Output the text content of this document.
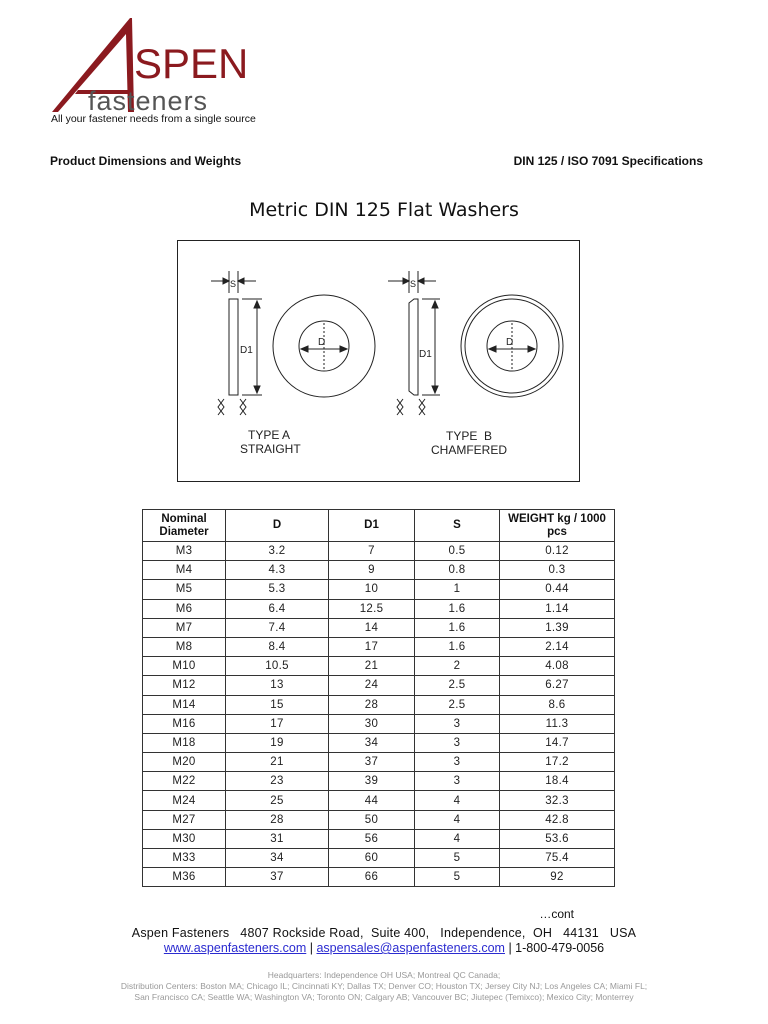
SPEN
fasteners
All your fastener needs from a single source
Product Dimensions and Weights	DIN 125 / ISO 7091 Specifications
Metric DIN 125 Flat Washers
S
D1
D
S
D1
D
TYPE A
STRAIGHT
TYPE  B
CHAMFERED
Nominal Diameter	D	D1	S	WEIGHT kg / 1000 pcs
M3	3.2	7	0.5	0.12
M4	4.3	9	0.8	0.3
M5	5.3	10	1	0.44
M6	6.4	12.5	1.6	1.14
M7	7.4	14	1.6	1.39
M8	8.4	17	1.6	2.14
M10	10.5	21	2	4.08
M12	13	24	2.5	6.27
M14	15	28	2.5	8.6
M16	17	30	3	11.3
M18	19	34	3	14.7
M20	21	37	3	17.2
M22	23	39	3	18.4
M24	25	44	4	32.3
M27	28	50	4	42.8
M30	31	56	4	53.6
M33	34	60	5	75.4
M36	37	66	5	92
…cont
Aspen Fasteners   4807 Rockside Road,  Suite 400,   Independence,  OH   44131   USA
www.aspenfasteners.com | aspensales@aspenfasteners.com | 1-800-479-0056
Headquarters: Independence OH USA; Montreal QC Canada;
Distribution Centers: Boston MA; Chicago IL; Cincinnati KY; Dallas TX; Denver CO; Houston TX; Jersey City NJ; Los Angeles CA; Miami FL;
San Francisco CA; Seattle WA; Washington VA; Toronto ON; Calgary AB; Vancouver BC; Jiutepec (Temixco); Mexico City; Monterrey
